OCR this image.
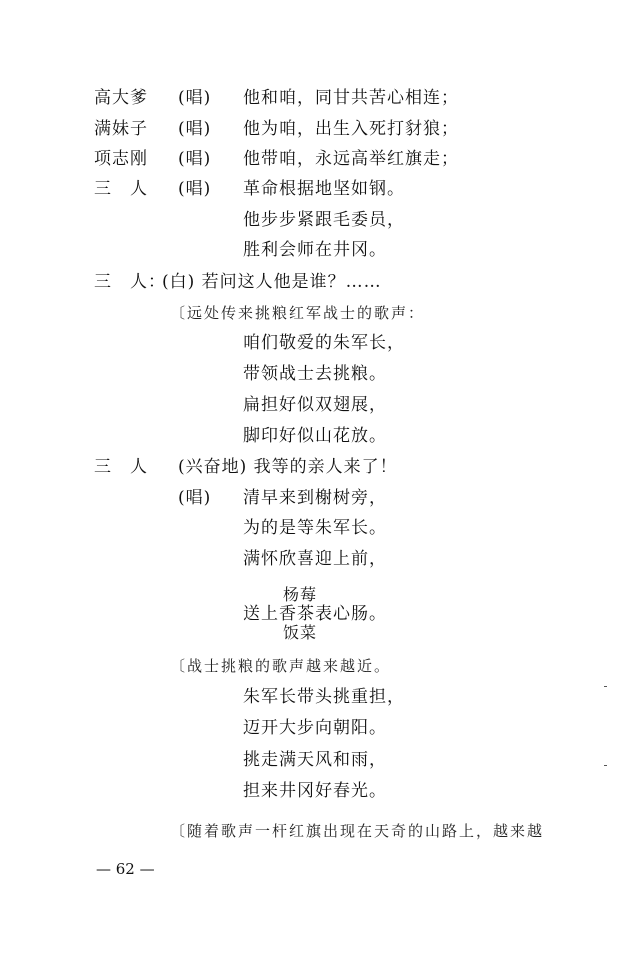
高大爹 (唱) 他和咱，同甘共苦心相连；
满妹子 (唱) 他为咱，出生入死打豺狼；
项志刚 (唱) 他带咱，永远高举红旗走；
三　人 (唱) 革命根据地坚如钢。
他步步紧跟毛委员，
胜利会师在井冈。
三　人：
(白) 若问这人他是谁？……
〔远处传来挑粮红军战士的歌声：
咱们敬爱的朱军长，
带领战士去挑粮。
扁担好似双翅展，
脚印好似山花放。
三　人 (兴奋地) 我等的亲人来了！
(唱) 清早来到榭树旁，
为的是等朱军长。
满怀欣喜迎上前，
杨莓
送上香茶表心肠。
饭菜
〔战士挑粮的歌声越来越近。
朱军长带头挑重担，
迈开大步向朝阳。
挑走满天风和雨，
担来井冈好春光。
〔随着歌声一杆红旗出现在天奇的山路上，越来越
— 62 —
